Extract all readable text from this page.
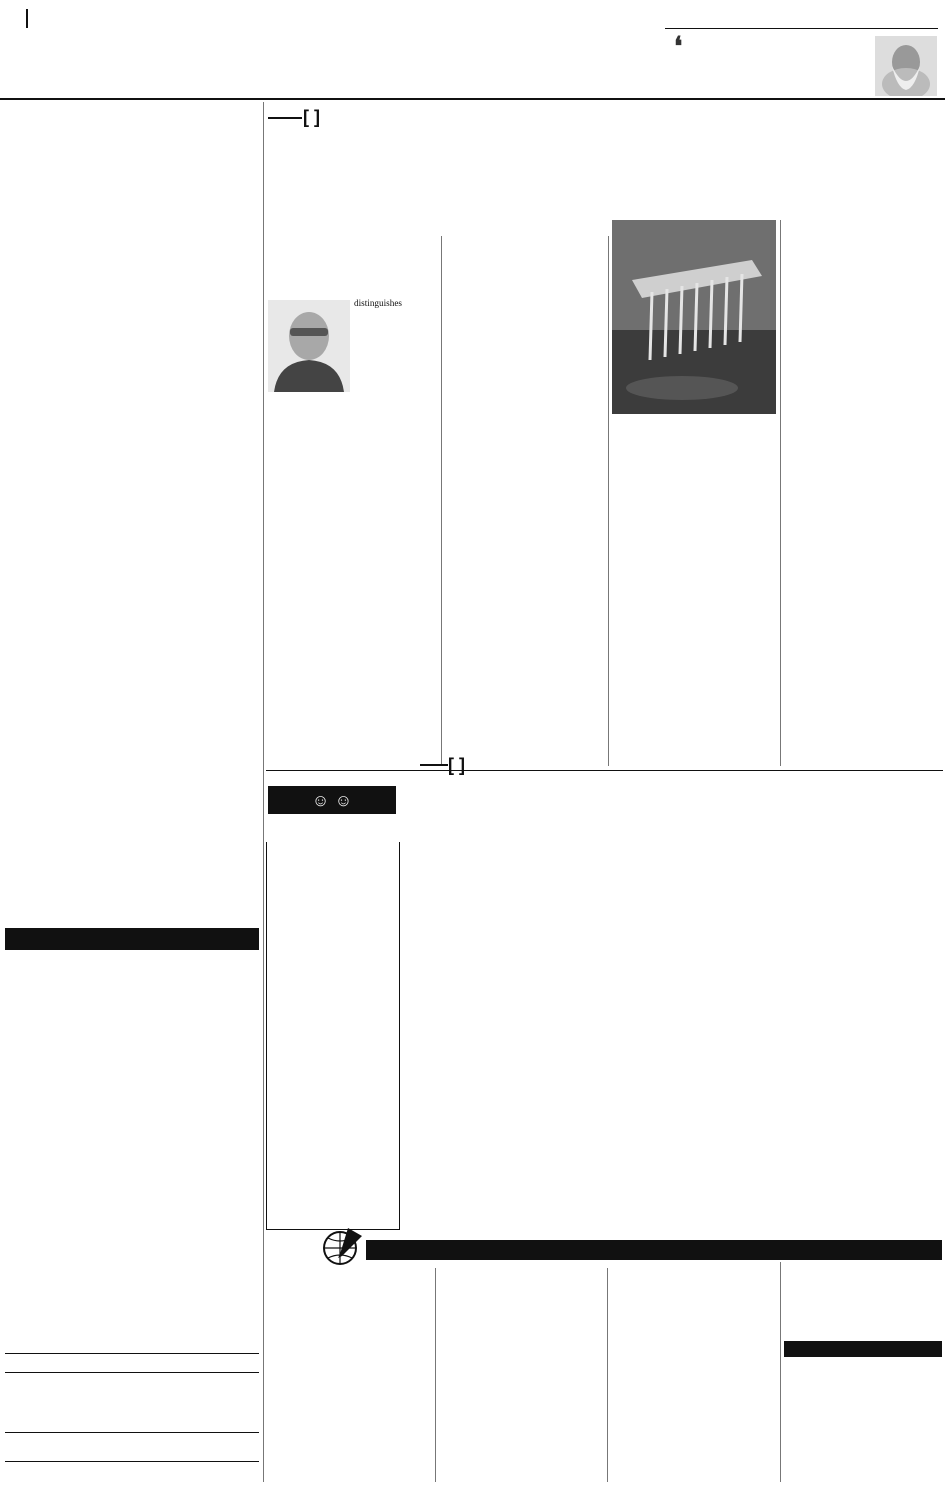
❛

[ ]

distinguishes

☺ ☺

[ ]
